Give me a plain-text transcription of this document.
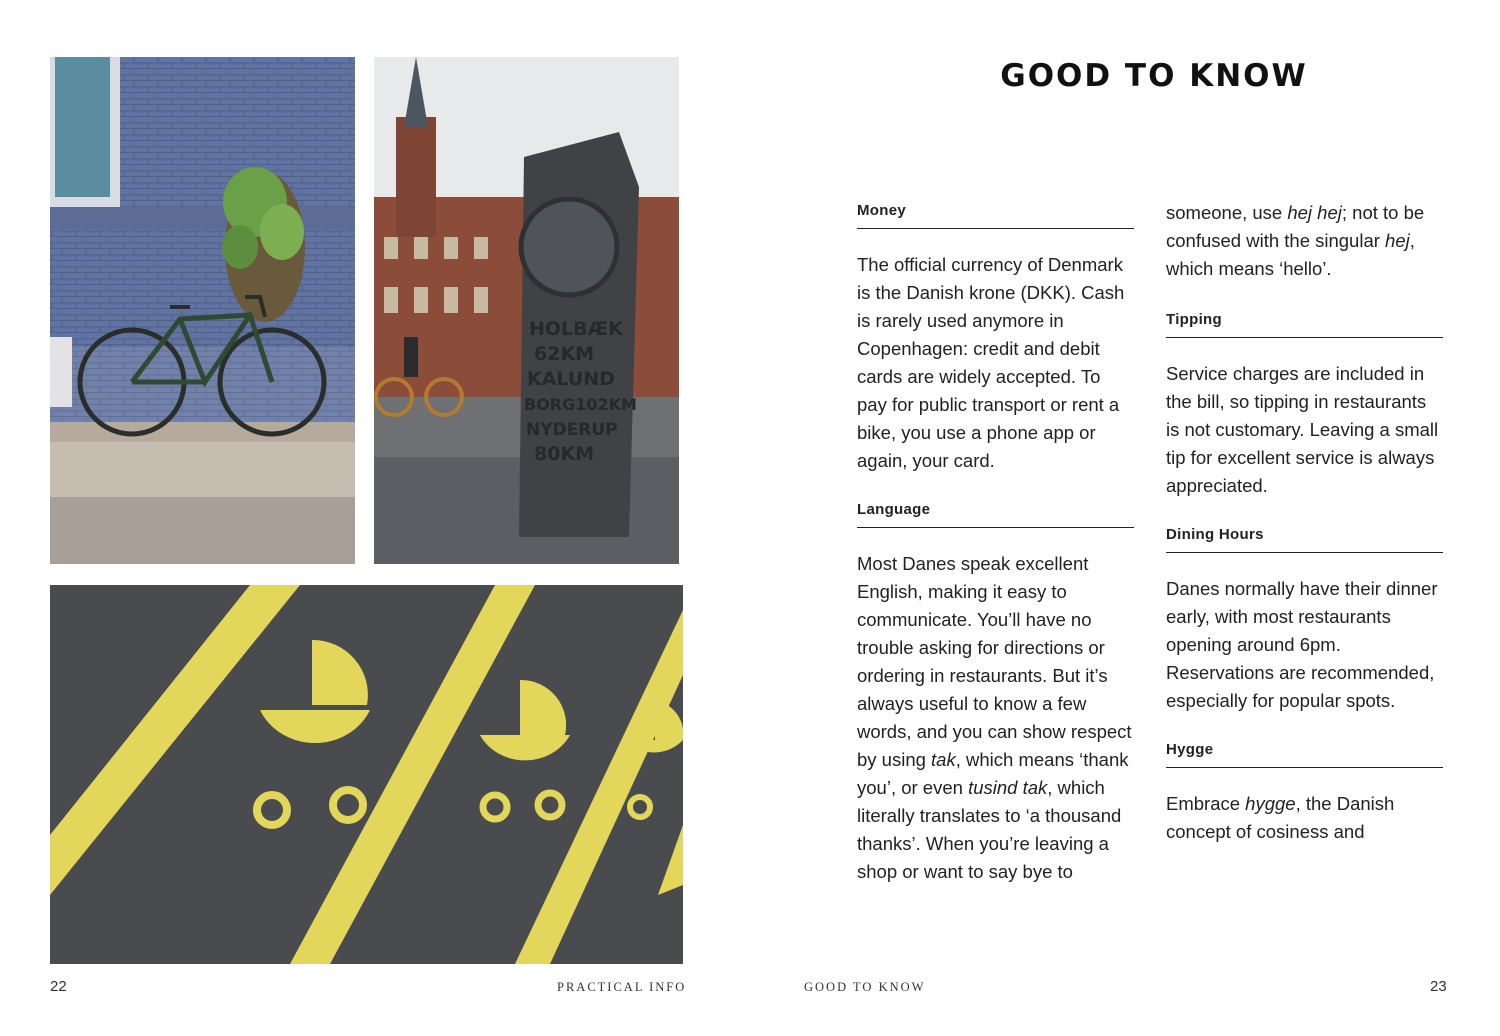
HOLBÆK
62KM
KALUND
BORG102KM
NYDERUP
80KM
GOOD TO KNOW
Money

The official currency of Denmark is the Danish krone (DKK). Cash is rarely used anymore in Copenhagen: credit and debit cards are widely accepted. To pay for public transport or rent a bike, you use a phone app or again, your card.

Language

Most Danes speak excellent English, making it easy to communicate. You’ll have no trouble asking for directions or ordering in restaurants. But it’s always useful to know a few words, and you can show respect by using tak, which means ‘thank you’, or even tusind tak, which literally translates to ‘a thousand thanks’. When you’re leaving a shop or want to say bye to

someone, use hej hej; not to be confused with the singular hej, which means ‘hello’.

Tipping

Service charges are included in the bill, so tipping in restaurants is not customary. Leaving a small tip for excellent service is always appreciated.

Dining Hours

Danes normally have their dinner early, with most restaurants opening around 6pm. Reservations are recommended, especially for popular spots.

Hygge

Embrace hygge, the Danish concept of cosiness and

22	PRACTICAL INFO	GOOD TO KNOW	23
